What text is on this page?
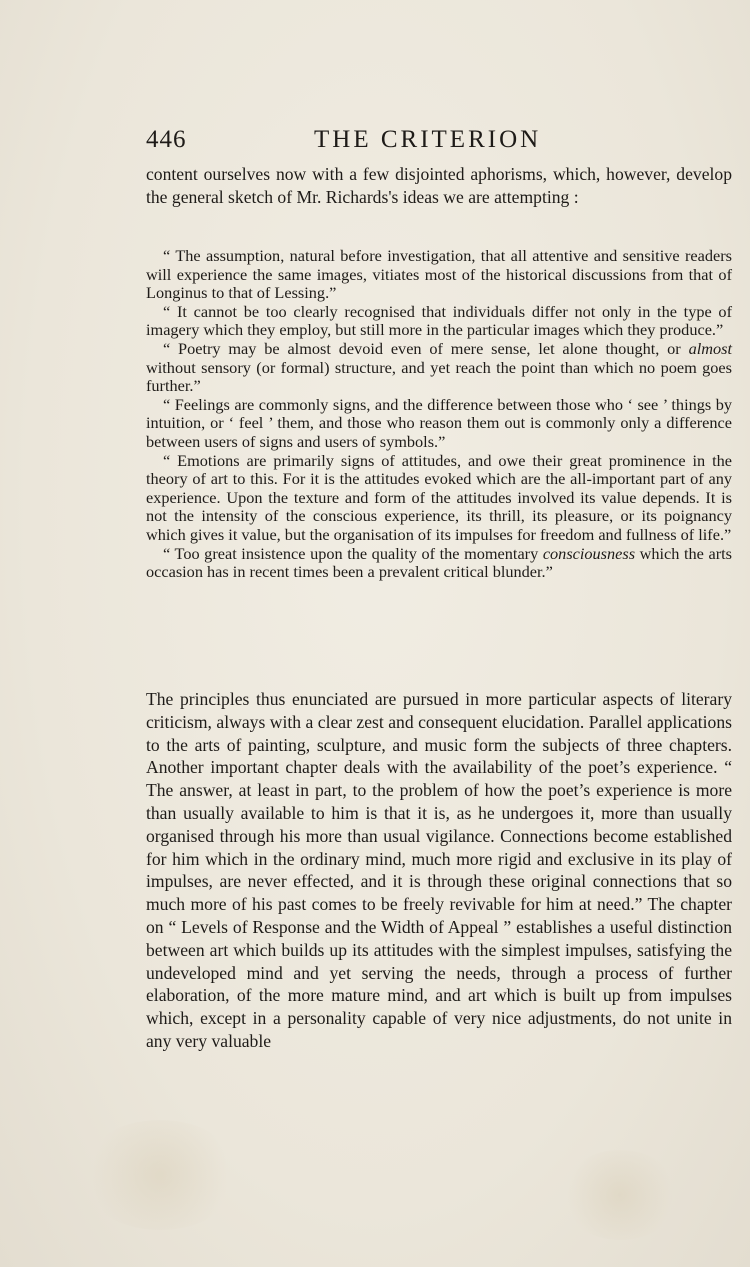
446	THE CRITERION

content ourselves now with a few disjointed aphorisms, which, however, develop the general sketch of Mr. Richards's ideas we are attempting :

“ The assumption, natural before investigation, that all attentive and sensitive readers will experience the same images, vitiates most of the historical discussions from that of Longinus to that of Lessing.”

“ It cannot be too clearly recognised that individuals differ not only in the type of imagery which they employ, but still more in the particular images which they produce.”

“ Poetry may be almost devoid even of mere sense, let alone thought, or almost without sensory (or formal) structure, and yet reach the point than which no poem goes further.”

“ Feelings are commonly signs, and the difference between those who ‘ see ’ things by intuition, or ‘ feel ’ them, and those who reason them out is commonly only a difference between users of signs and users of symbols.”

“ Emotions are primarily signs of attitudes, and owe their great prominence in the theory of art to this. For it is the attitudes evoked which are the all-important part of any experience. Upon the texture and form of the attitudes involved its value depends. It is not the intensity of the conscious experience, its thrill, its pleasure, or its poignancy which gives it value, but the organisation of its impulses for freedom and fullness of life.”

“ Too great insistence upon the quality of the momentary consciousness which the arts occasion has in recent times been a prevalent critical blunder.”

The principles thus enunciated are pursued in more particular aspects of literary criticism, always with a clear zest and consequent elucidation. Parallel applications to the arts of painting, sculpture, and music form the subjects of three chapters. Another important chapter deals with the availability of the poet’s experience. “ The answer, at least in part, to the problem of how the poet’s experience is more than usually available to him is that it is, as he undergoes it, more than usually organised through his more than usual vigilance. Connections become established for him which in the ordinary mind, much more rigid and exclusive in its play of impulses, are never effected, and it is through these original connections that so much more of his past comes to be freely revivable for him at need.” The chapter on “ Levels of Response and the Width of Appeal ” establishes a useful distinction between art which builds up its attitudes with the simplest impulses, satisfying the undeveloped mind and yet serving the needs, through a process of further elaboration, of the more mature mind, and art which is built up from impulses which, except in a personality capable of very nice adjustments, do not unite in any very valuable
